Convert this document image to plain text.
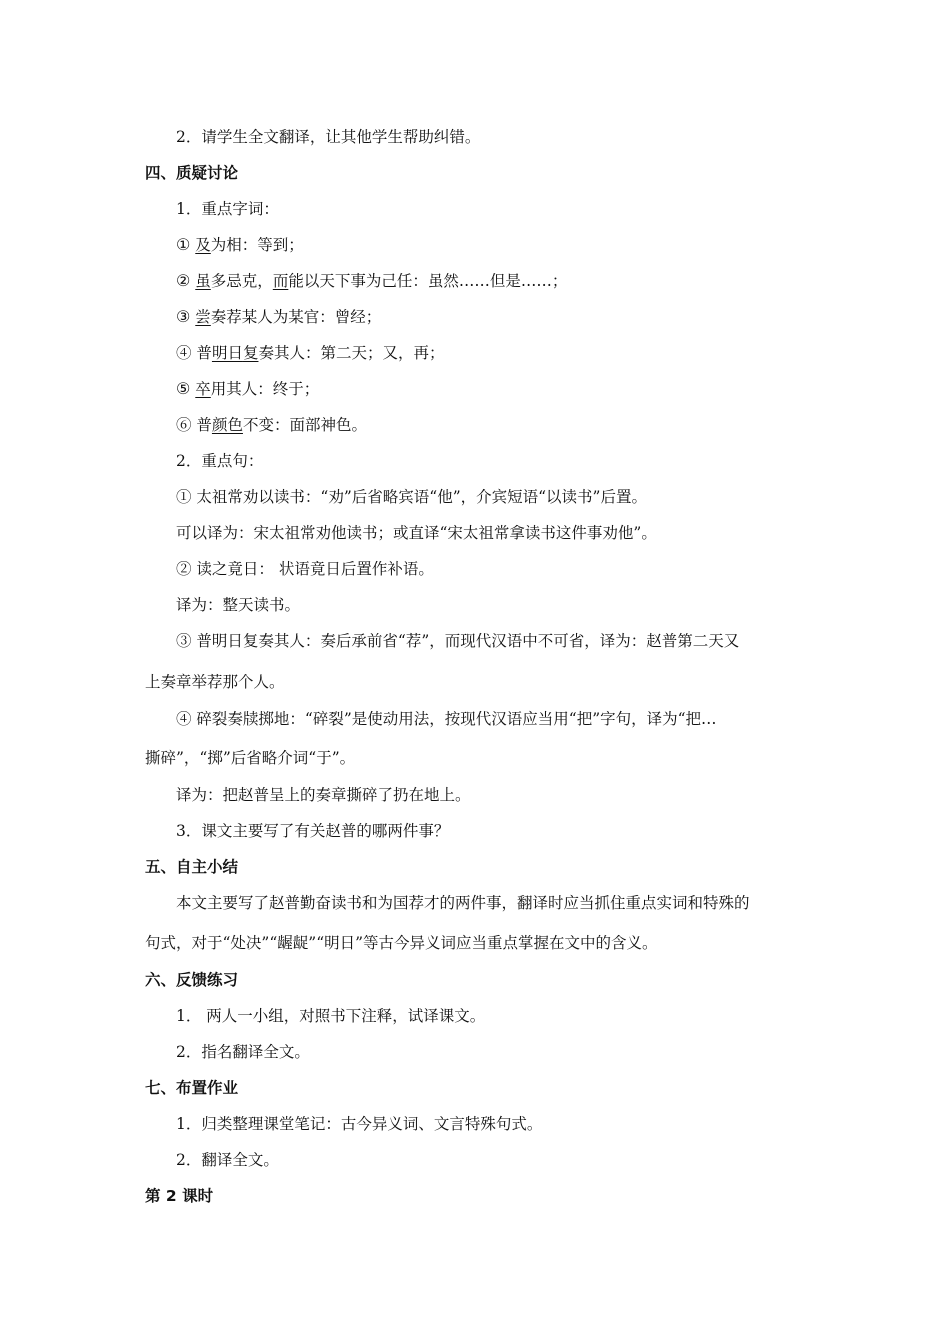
2．请学生全文翻译，让其他学生帮助纠错。
四、质疑讨论
1．重点字词：
① 及为相：等到；
② 虽多忌克，而能以天下事为己任：虽然……但是……；
③ 尝奏荐某人为某官：曾经；
④ 普明日复奏其人：第二天；又，再；
⑤ 卒用其人：终于；
⑥ 普颜色不变：面部神色。
2．重点句：
① 太祖常劝以读书：“劝”后省略宾语“他”，介宾短语“以读书”后置。
可以译为：宋太祖常劝他读书；或直译“宋太祖常拿读书这件事劝他”。
② 读之竟日： 状语竟日后置作补语。
译为：整天读书。
③ 普明日复奏其人：奏后承前省“荐”，而现代汉语中不可省，译为：赵普第二天又
上奏章举荐那个人。
④ 碎裂奏牍掷地：“碎裂”是使动用法，按现代汉语应当用“把”字句，译为“把…
撕碎”，“掷”后省略介词“于”。
译为：把赵普呈上的奏章撕碎了扔在地上。
3．课文主要写了有关赵普的哪两件事？
五、自主小结
本文主要写了赵普勤奋读书和为国荐才的两件事，翻译时应当抓住重点实词和特殊的
句式，对于“处决”“龌龊”“明日”等古今异义词应当重点掌握在文中的含义。
六、反馈练习
1． 两人一小组，对照书下注释，试译课文。
2．指名翻译全文。
七、布置作业
1．归类整理课堂笔记：古今异义词、文言特殊句式。
2．翻译全文。
第 2 课时
